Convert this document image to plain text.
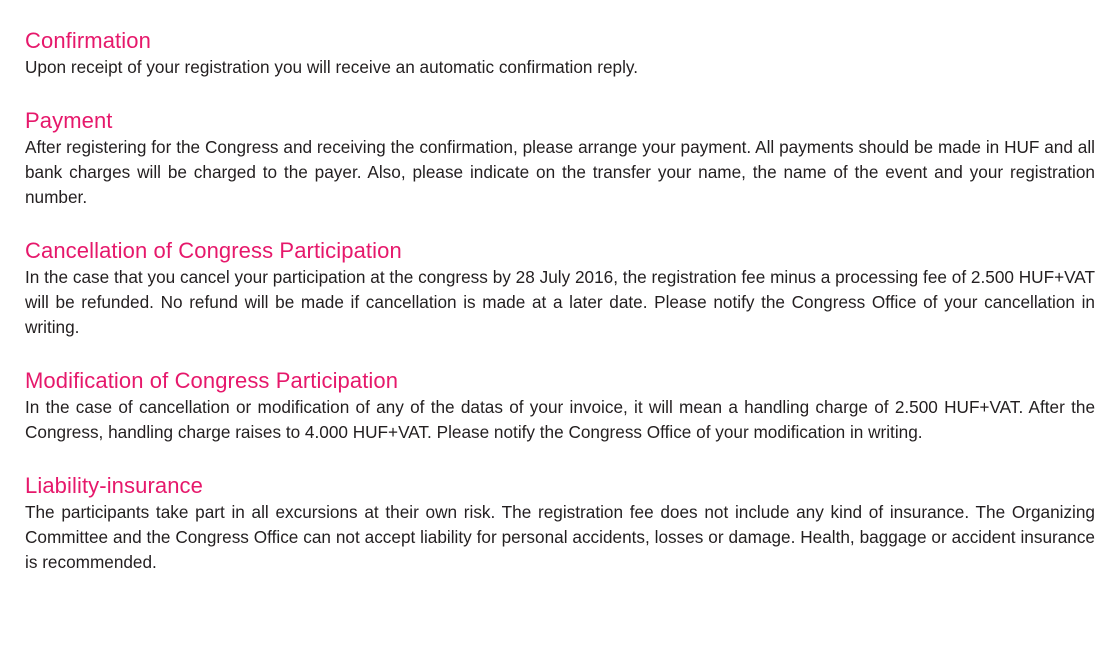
Confirmation

Upon receipt of your registration you will receive an automatic confirmation reply.

Payment

After registering for the Congress and receiving the confirmation, please arrange your payment. All payments should be made in HUF and all bank charges will be charged to the payer. Also, please indicate on the transfer your name, the name of the event and your registration number.

Cancellation of Congress Participation

In the case that you cancel your participation at the congress by 28 July 2016, the registration fee minus a processing fee of 2.500 HUF+VAT will be refunded. No refund will be made if cancellation is made at a later date. Please notify the Congress Office of your cancellation in writing.

Modification of Congress Participation

In the case of cancellation or modification of any of the datas of your invoice, it will mean a handling charge of 2.500 HUF+VAT. After the Congress, handling charge raises to 4.000 HUF+VAT. Please notify the Congress Office of your modification in writing.

Liability-insurance

The participants take part in all excursions at their own risk. The registration fee does not include any kind of insurance. The Organizing Committee and the Congress Office can not accept liability for personal accidents, losses or damage. Health, baggage or accident insurance is recommended.
